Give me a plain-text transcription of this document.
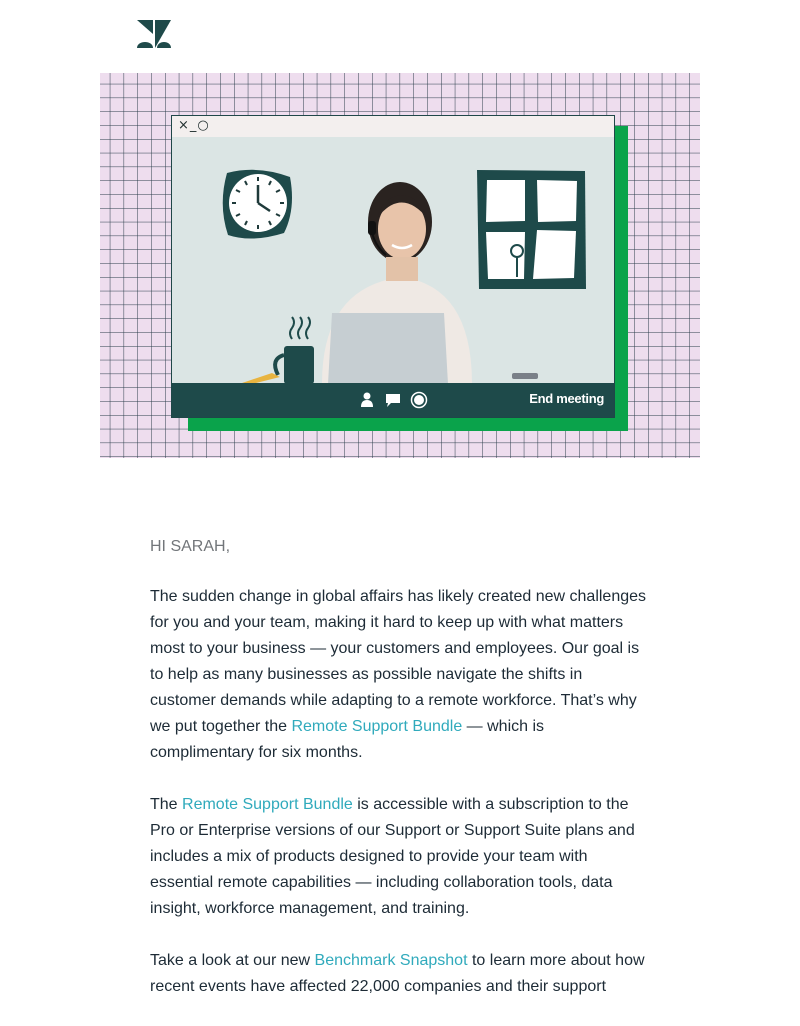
×_○
End meeting

HI SARAH,

The sudden change in global affairs has likely created new challenges for you and your team, making it hard to keep up with what matters most to your business — your customers and employees. Our goal is to help as many businesses as possible navigate the shifts in customer demands while adapting to a remote workforce. That’s why we put together the Remote Support Bundle — which is complimentary for six months.

The Remote Support Bundle is accessible with a subscription to the Pro or Enterprise versions of our Support or Support Suite plans and includes a mix of products designed to provide your team with essential remote capabilities — including collaboration tools, data insight, workforce management, and training.

Take a look at our new Benchmark Snapshot to learn more about how recent events have affected 22,000 companies and their support
